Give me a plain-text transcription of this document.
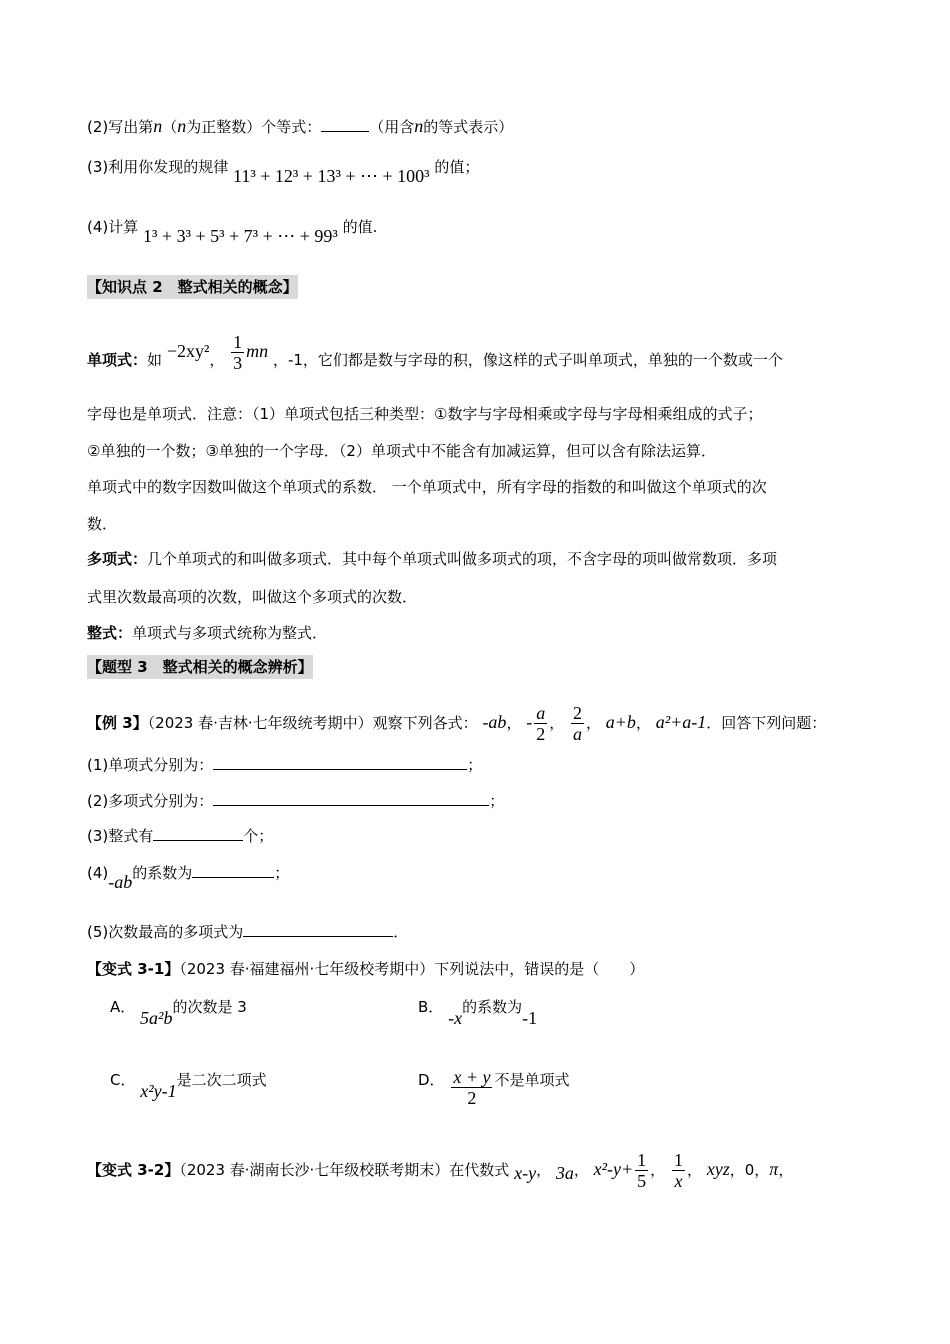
(2)写出第n（n为正整数）个等式：	（用含n的等式表示）
(3)利用你发现的规律 11³ + 12³ + 13³ + ⋯ + 100³ 的值；
(4)计算 1³ + 3³ + 5³ + 7³ + ⋯ + 99³ 的值.
【知识点 2　整式相关的概念】
单项式：如 −2xy²， $\frac{1}{3}$ mn ，-1，它们都是数与字母的积，像这样的式子叫单项式，单独的一个数或一个
字母也是单项式．注意：（1）单项式包括三种类型：①数字与字母相乘或字母与字母相乘组成的式子；
②单独的一个数；③单独的一个字母．（2）单项式中不能含有加减运算，但可以含有除法运算．
单项式中的数字因数叫做这个单项式的系数． 一个单项式中，所有字母的指数的和叫做这个单项式的次
数．
多项式：几个单项式的和叫做多项式．其中每个单项式叫做多项式的项，不含字母的项叫做常数项．多项
式里次数最高项的次数，叫做这个多项式的次数．
整式：单项式与多项式统称为整式．
【题型 3　整式相关的概念辨析】
【例 3】（2023 春·吉林·七年级统考期中）观察下列各式： -ab， - $\frac{a}{2}$ ， $\frac{2}{a}$ ， a+b， a²+a-1．回答下列问题：
(1)单项式分别为：	；
(2)多项式分别为：	；
(3)整式有	个；
(4)-ab的系数为	；
(5)次数最高的多项式为	．
【变式 3-1】（2023 春·福建福州·七年级校考期中）下列说法中，错误的是（　　）
A． 5a²b的次数是 3	B． -x的系数为-1
C． x²y-1是二次二项式	D． $\frac{x + y}{2}$ 不是单项式
【变式 3-2】（2023 春·湖南长沙·七年级校联考期末）在代数式 x-y， 3a， $x^2-y+ \frac{1}{5}$ ， $\frac{1}{x}$ ， xyz，0，π，
